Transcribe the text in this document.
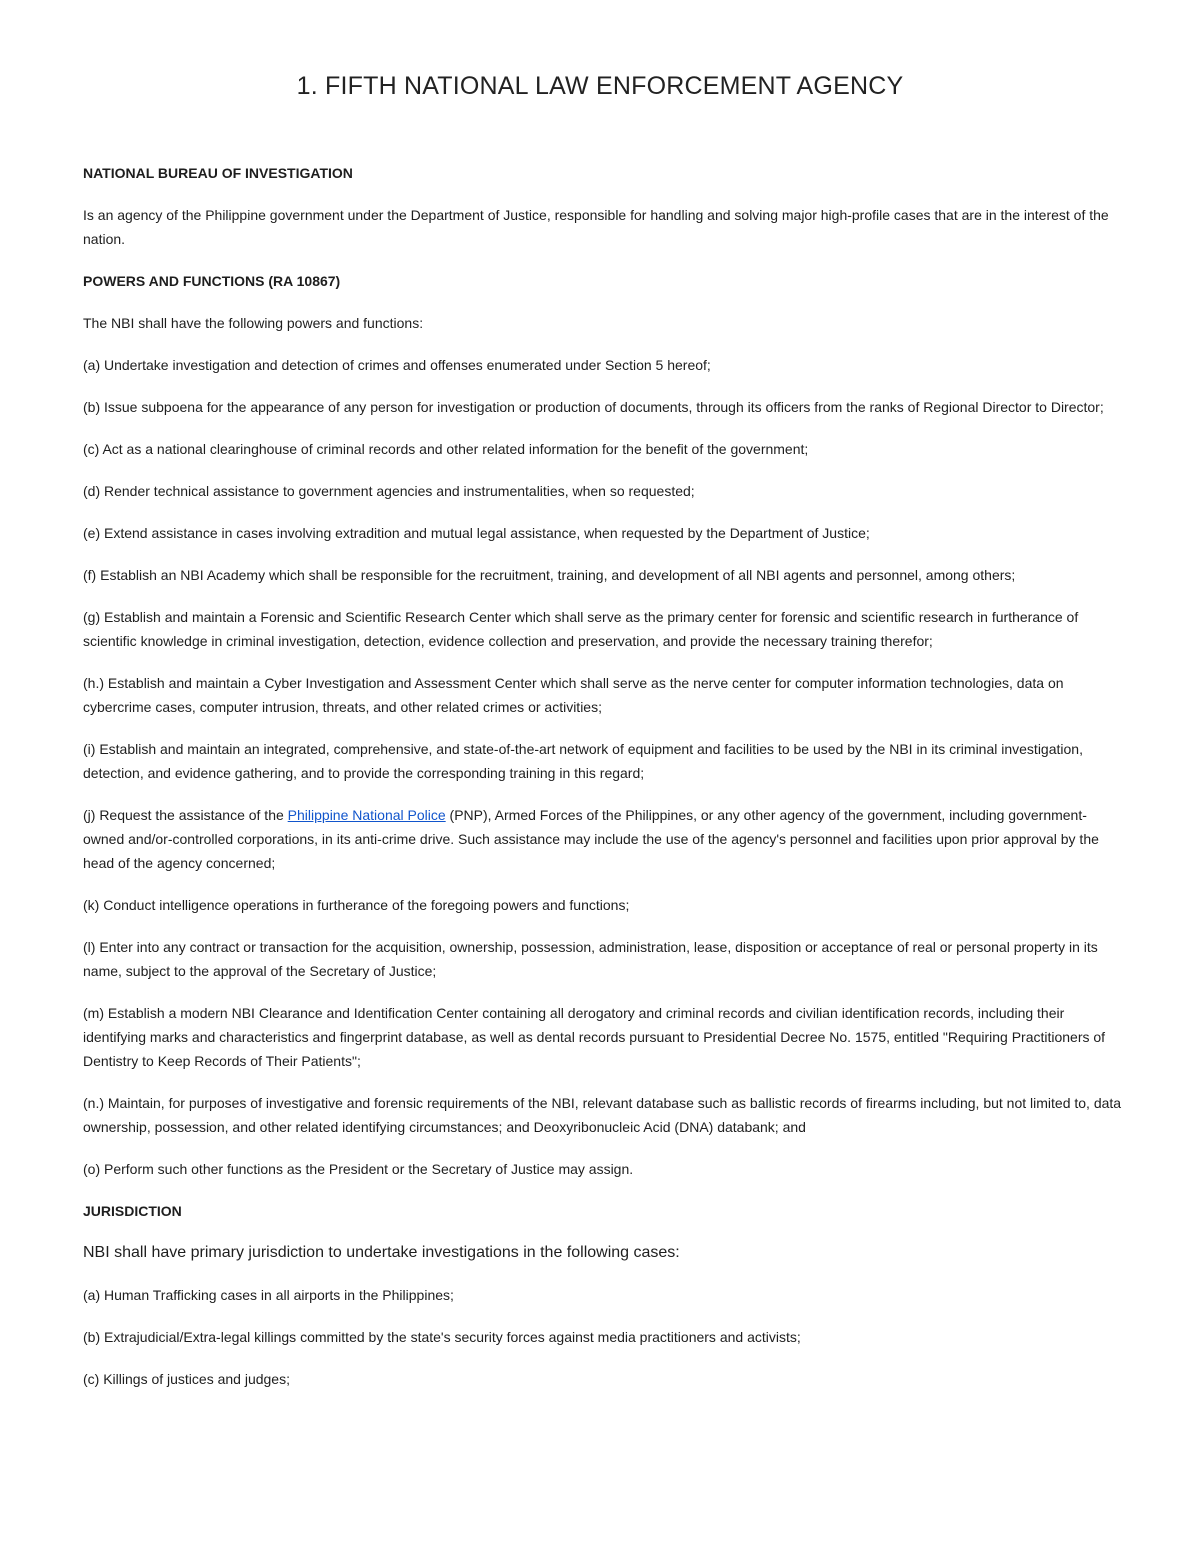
1. FIFTH NATIONAL LAW ENFORCEMENT AGENCY

NATIONAL BUREAU OF INVESTIGATION

Is an agency of the Philippine government under the Department of Justice, responsible for handling and solving major high-profile cases that are in the interest of the nation.

POWERS AND FUNCTIONS (RA 10867)

The NBI shall have the following powers and functions:

(a) Undertake investigation and detection of crimes and offenses enumerated under Section 5 hereof;

(b) Issue subpoena for the appearance of any person for investigation or production of documents, through its officers from the ranks of Regional Director to Director;

(c) Act as a national clearinghouse of criminal records and other related information for the benefit of the government;

(d) Render technical assistance to government agencies and instrumentalities, when so requested;

(e) Extend assistance in cases involving extradition and mutual legal assistance, when requested by the Department of Justice;

(f) Establish an NBI Academy which shall be responsible for the recruitment, training, and development of all NBI agents and personnel, among others;

(g) Establish and maintain a Forensic and Scientific Research Center which shall serve as the primary center for forensic and scientific research in furtherance of scientific knowledge in criminal investigation, detection, evidence collection and preservation, and provide the necessary training therefor;

(h.) Establish and maintain a Cyber Investigation and Assessment Center which shall serve as the nerve center for computer information technologies, data on cybercrime cases, computer intrusion, threats, and other related crimes or activities;

(i) Establish and maintain an integrated, comprehensive, and state-of-the-art network of equipment and facilities to be used by the NBI in its criminal investigation, detection, and evidence gathering, and to provide the corresponding training in this regard;

(j) Request the assistance of the Philippine National Police (PNP), Armed Forces of the Philippines, or any other agency of the government, including government-owned and/or-controlled corporations, in its anti-crime drive. Such assistance may include the use of the agency's personnel and facilities upon prior approval by the head of the agency concerned;

(k) Conduct intelligence operations in furtherance of the foregoing powers and functions;

(l) Enter into any contract or transaction for the acquisition, ownership, possession, administration, lease, disposition or acceptance of real or personal property in its name, subject to the approval of the Secretary of Justice;

(m) Establish a modern NBI Clearance and Identification Center containing all derogatory and criminal records and civilian identification records, including their identifying marks and characteristics and fingerprint database, as well as dental records pursuant to Presidential Decree No. 1575, entitled "Requiring Practitioners of Dentistry to Keep Records of Their Patients";

(n.) Maintain, for purposes of investigative and forensic requirements of the NBI, relevant database such as ballistic records of firearms including, but not limited to, data ownership, possession, and other related identifying circumstances; and Deoxyribonucleic Acid (DNA) databank; and

(o) Perform such other functions as the President or the Secretary of Justice may assign.

JURISDICTION

NBI shall have primary jurisdiction to undertake investigations in the following cases:

(a) Human Trafficking cases in all airports in the Philippines;

(b) Extrajudicial/Extra-legal killings committed by the state's security forces against media practitioners and activists;

(c) Killings of justices and judges;
